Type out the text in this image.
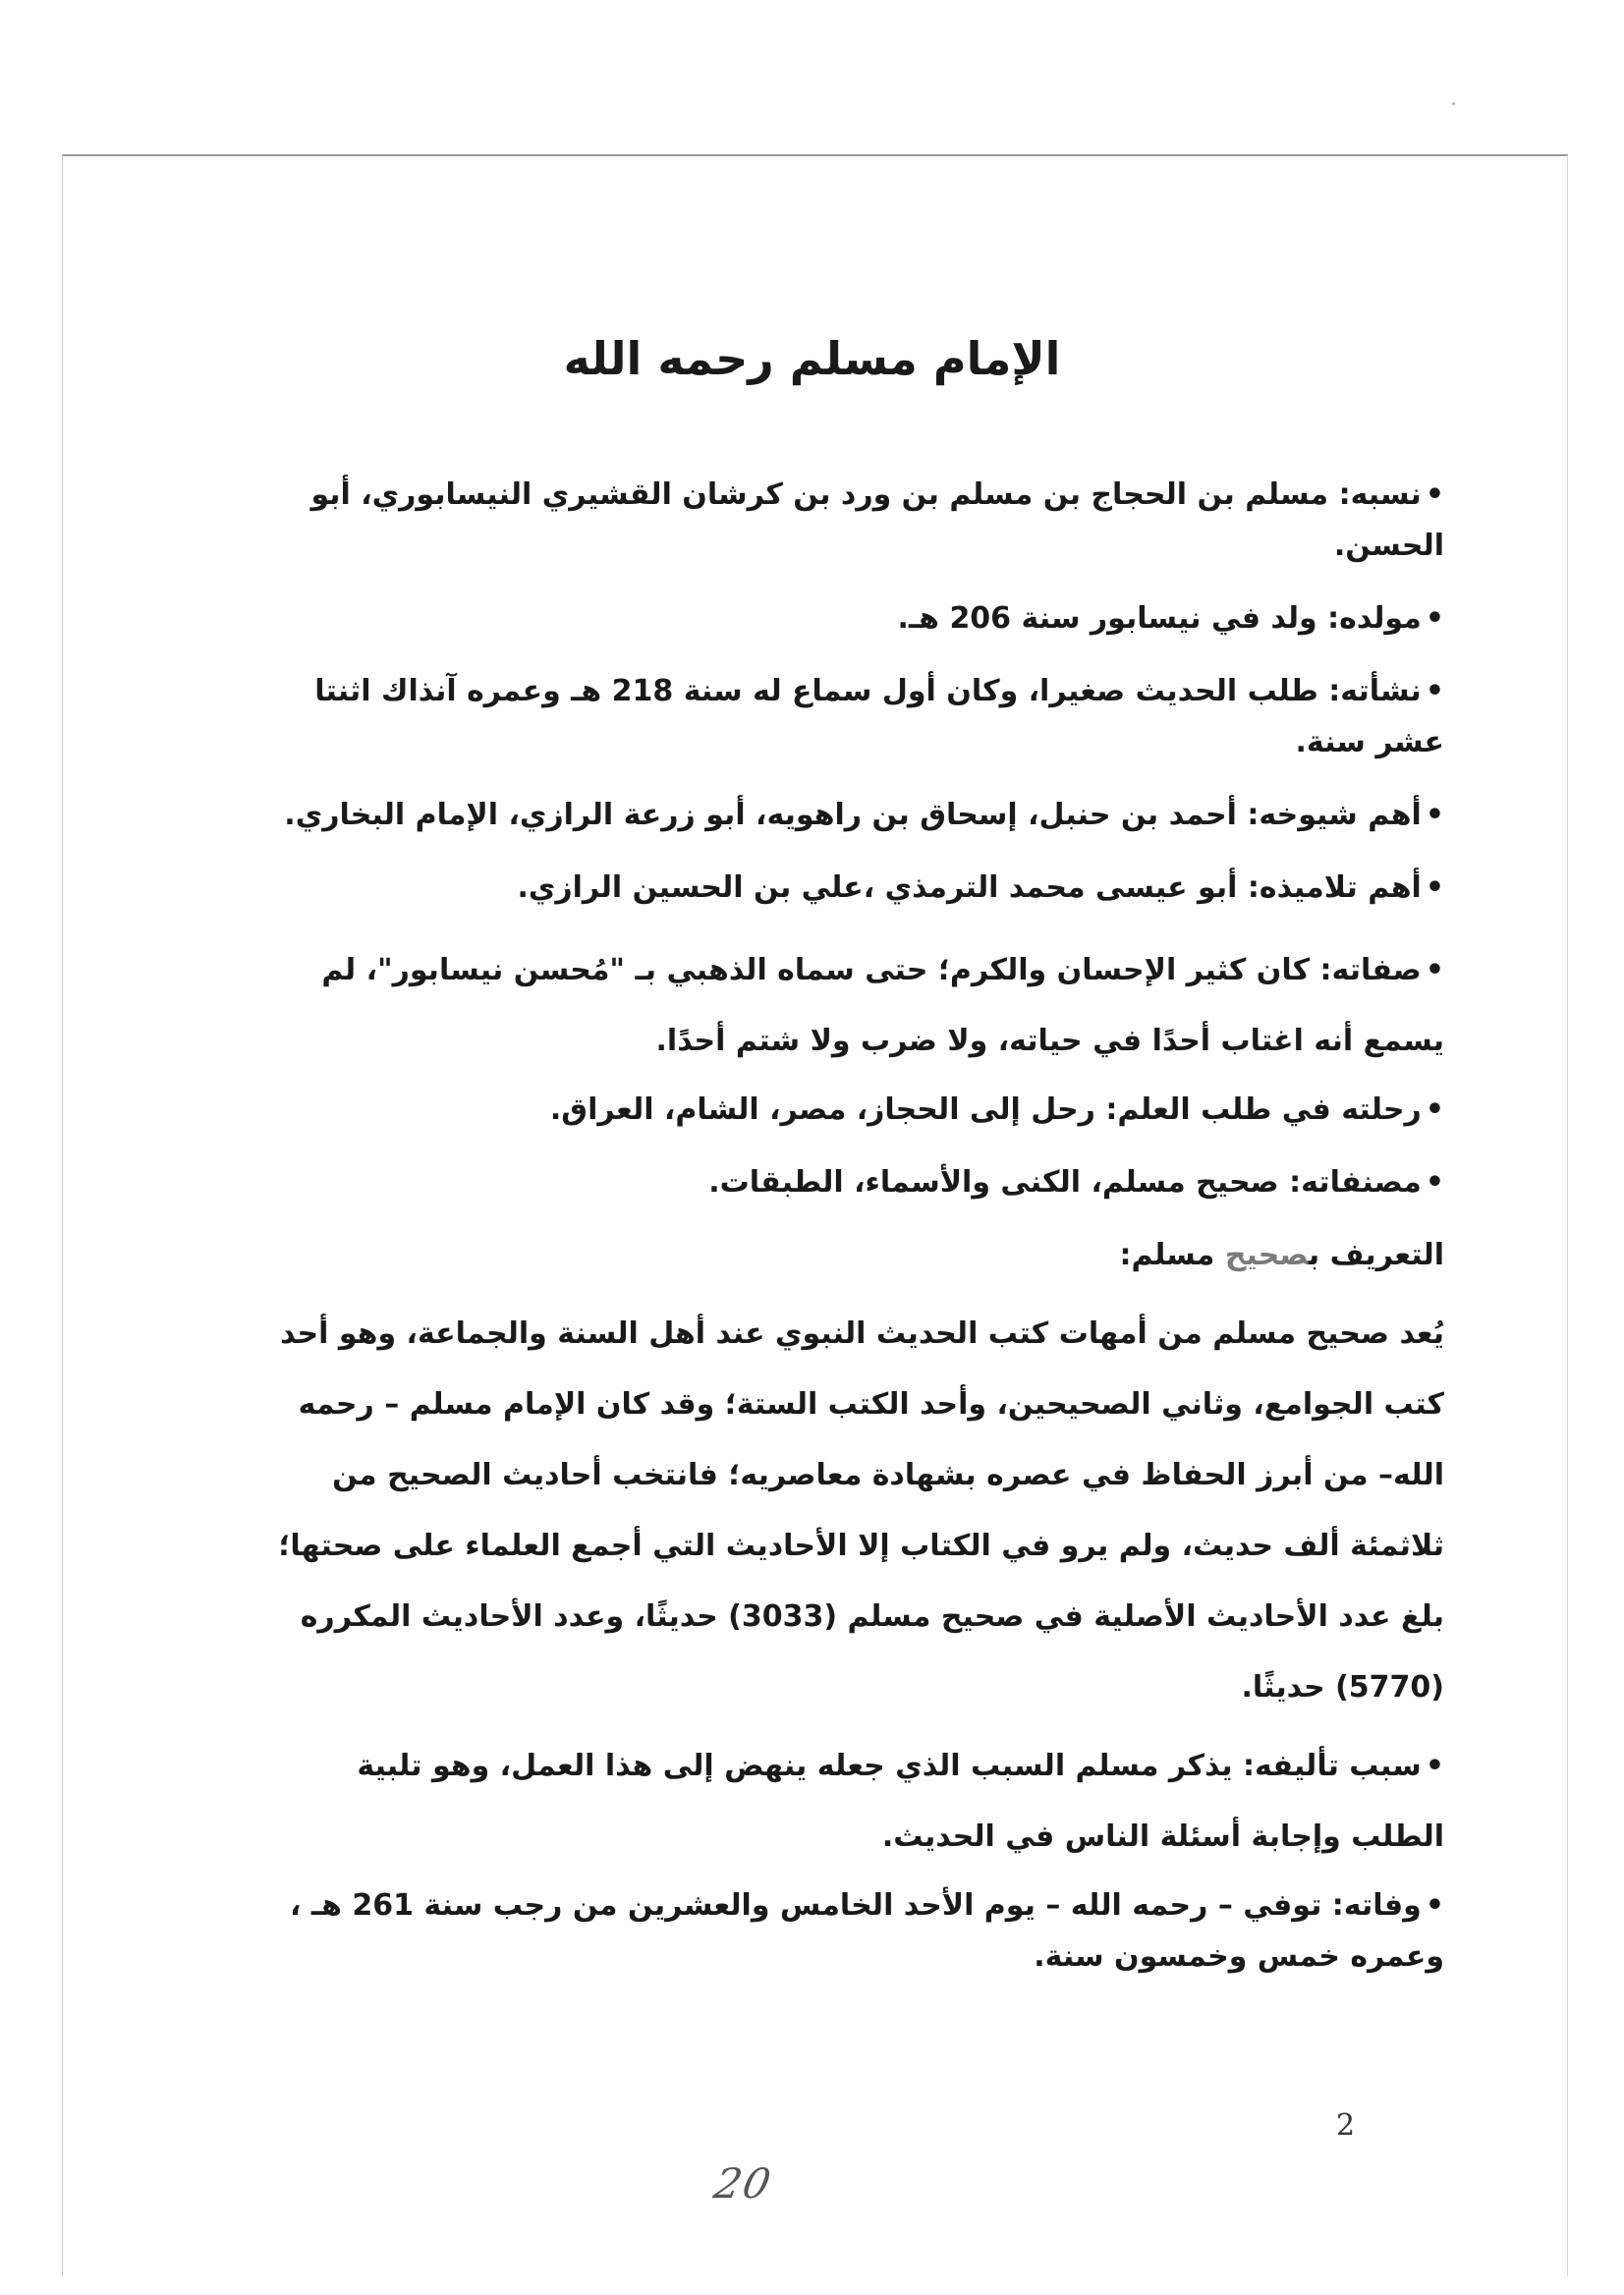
الإمام مسلم رحمه الله

•نسبه: مسلم بن الحجاج بن مسلم بن ورد بن كرشان القشيري النيسابوري، أبو الحسن.

•مولده: ولد في نيسابور سنة 206 هـ.

•نشأته: طلب الحديث صغيرا، وكان أول سماع له سنة 218 هـ وعمره آنذاك اثنتا عشر سنة.

•أهم شيوخه: أحمد بن حنبل، إسحاق بن راهويه، أبو زرعة الرازي، الإمام البخاري.

•أهم تلاميذه: أبو عيسى محمد الترمذي ،علي بن الحسين الرازي.

•صفاته: كان كثير الإحسان والكرم؛ حتى سماه الذهبي بـ "مُحسن نيسابور"، لم يسمع أنه اغتاب أحدًا في حياته، ولا ضرب ولا شتم أحدًا.

•رحلته في طلب العلم: رحل إلى الحجاز، مصر، الشام، العراق.

•مصنفاته: صحيح مسلم، الكنى والأسماء، الطبقات.

التعريف بصحيح مسلم:

يُعد صحيح مسلم من أمهات كتب الحديث النبوي عند أهل السنة والجماعة، وهو أحد كتب الجوامع، وثاني الصحيحين، وأحد الكتب الستة؛ وقد كان الإمام مسلم – رحمه الله– من أبرز الحفاظ في عصره بشهادة معاصريه؛ فانتخب أحاديث الصحيح من ثلاثمئة ألف حديث، ولم يرو في الكتاب إلا الأحاديث التي أجمع العلماء على صحتها؛ بلغ عدد الأحاديث الأصلية في صحيح مسلم (3033) حديثًا، وعدد الأحاديث المكرره (5770) حديثًا.

•سبب تأليفه: يذكر مسلم السبب الذي جعله ينهض إلى هذا العمل، وهو تلبية الطلب وإجابة أسئلة الناس في الحديث.

•وفاته: توفي – رحمه الله – يوم الأحد الخامس والعشرين من رجب سنة 261 هـ ، وعمره خمس وخمسون سنة.

2
20
